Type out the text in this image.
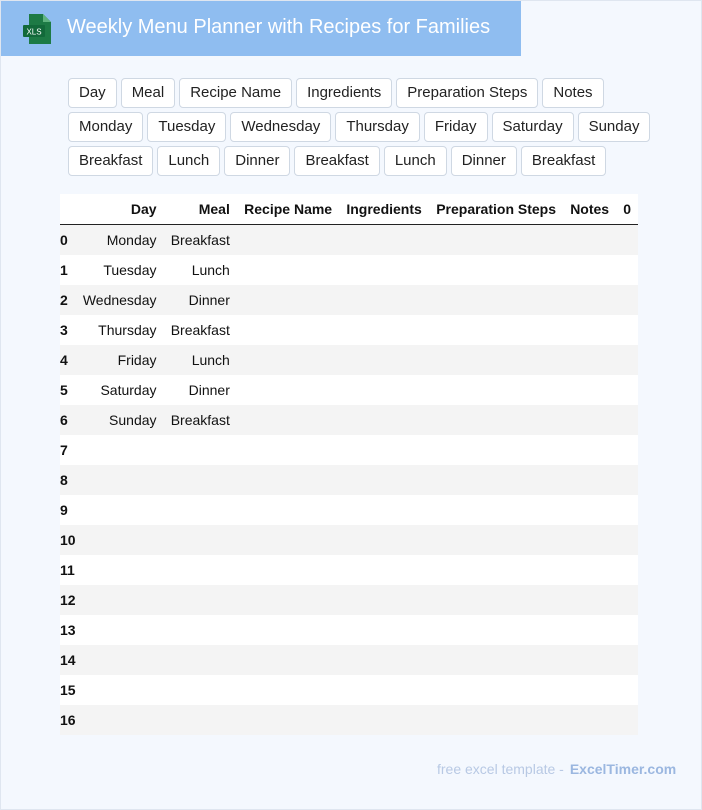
XLS Weekly Menu Planner with Recipes for Families
Day	Meal	Recipe Name	Ingredients	Preparation Steps	Notes
Monday	Tuesday	Wednesday	Thursday	Friday	Saturday	Sunday
Breakfast	Lunch	Dinner	Breakfast	Lunch	Dinner	Breakfast
	Day	Meal	Recipe Name	Ingredients	Preparation Steps	Notes	0
0	Monday	Breakfast					
1	Tuesday	Lunch					
2	Wednesday	Dinner					
3	Thursday	Breakfast					
4	Friday	Lunch					
5	Saturday	Dinner					
6	Sunday	Breakfast					
7							
8							
9							
10							
11							
12							
13							
14							
15							
16							
free excel template - ExcelTimer.com
